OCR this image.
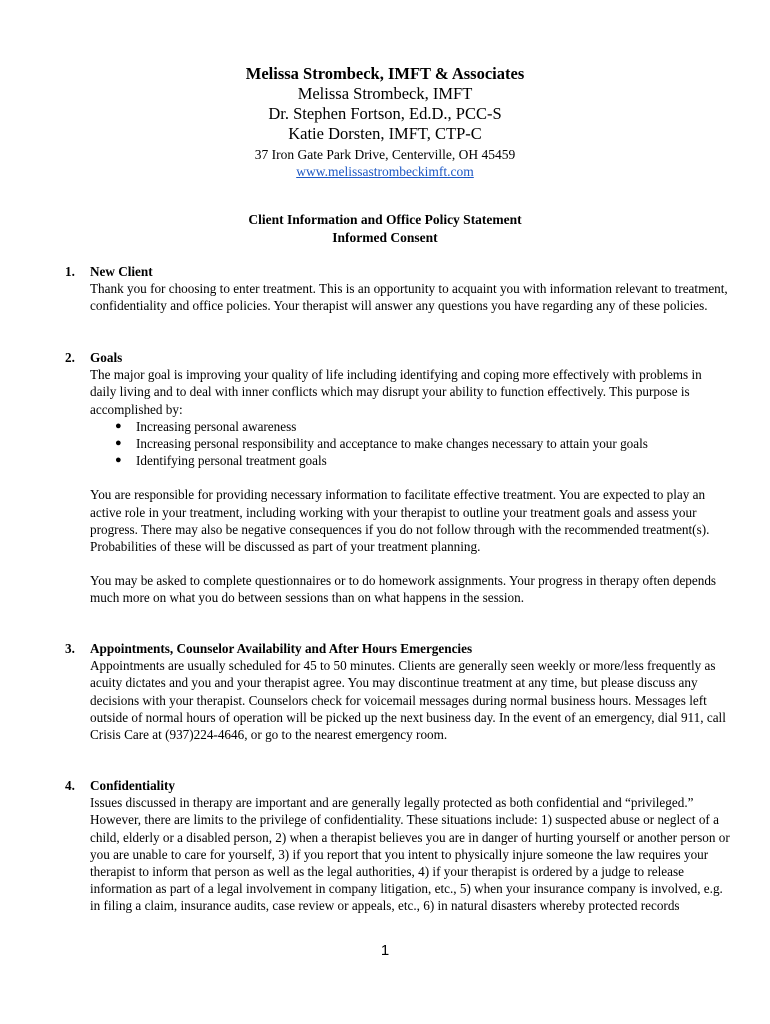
Melissa Strombeck, IMFT & Associates
Melissa Strombeck, IMFT
Dr. Stephen Fortson, Ed.D., PCC-S
Katie Dorsten, IMFT, CTP-C
37 Iron Gate Park Drive, Centerville, OH 45459
www.melissastrombeckimft.com
Client Information and Office Policy Statement
Informed Consent
1. New Client

Thank you for choosing to enter treatment. This is an opportunity to acquaint you with information relevant to treatment, confidentiality and office policies. Your therapist will answer any questions you have regarding any of these policies.

2. Goals

The major goal is improving your quality of life including identifying and coping more effectively with problems in daily living and to deal with inner conflicts which may disrupt your ability to function effectively. This purpose is accomplished by:

● Increasing personal awareness
● Increasing personal responsibility and acceptance to make changes necessary to attain your goals
● Identifying personal treatment goals

You are responsible for providing necessary information to facilitate effective treatment. You are expected to play an active role in your treatment, including working with your therapist to outline your treatment goals and assess your progress. There may also be negative consequences if you do not follow through with the recommended treatment(s). Probabilities of these will be discussed as part of your treatment planning.

You may be asked to complete questionnaires or to do homework assignments. Your progress in therapy often depends much more on what you do between sessions than on what happens in the session.

3. Appointments, Counselor Availability and After Hours Emergencies

Appointments are usually scheduled for 45 to 50 minutes. Clients are generally seen weekly or more/less frequently as acuity dictates and you and your therapist agree. You may discontinue treatment at any time, but please discuss any decisions with your therapist. Counselors check for voicemail messages during normal business hours. Messages left outside of normal hours of operation will be picked up the next business day. In the event of an emergency, dial 911, call Crisis Care at (937)224-4646, or go to the nearest emergency room.

4. Confidentiality

Issues discussed in therapy are important and are generally legally protected as both confidential and “privileged.” However, there are limits to the privilege of confidentiality. These situations include: 1) suspected abuse or neglect of a child, elderly or a disabled person, 2) when a therapist believes you are in danger of hurting yourself or another person or you are unable to care for yourself, 3) if you report that you intent to physically injure someone the law requires your therapist to inform that person as well as the legal authorities, 4) if your therapist is ordered by a judge to release information as part of a legal involvement in company litigation, etc., 5) when your insurance company is involved, e.g. in filing a claim, insurance audits, case review or appeals, etc., 6) in natural disasters whereby protected records

1
